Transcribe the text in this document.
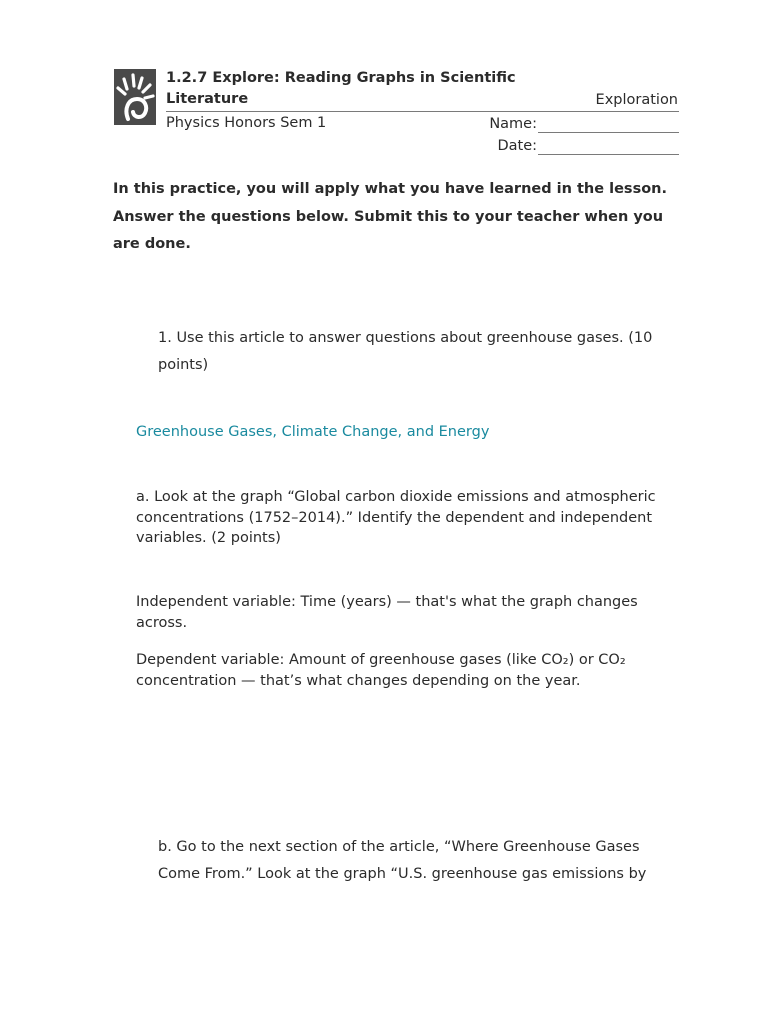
1.2.7 Explore: Reading Graphs in Scientific Literature	Exploration
Physics Honors Sem 1	Name:
Date:
In this practice, you will apply what you have learned in the lesson. Answer the questions below. Submit this to your teacher when you are done.
1. Use this article to answer questions about greenhouse gases. (10 points)
Greenhouse Gases, Climate Change, and Energy
a. Look at the graph “Global carbon dioxide emissions and atmospheric concentrations (1752–2014).” Identify the dependent and independent variables. (2 points)
Independent variable: Time (years) — that's what the graph changes across.
Dependent variable: Amount of greenhouse gases (like CO₂) or CO₂ concentration — that’s what changes depending on the year.
b. Go to the next section of the article, “Where Greenhouse Gases Come From.” Look at the graph “U.S. greenhouse gas emissions by
